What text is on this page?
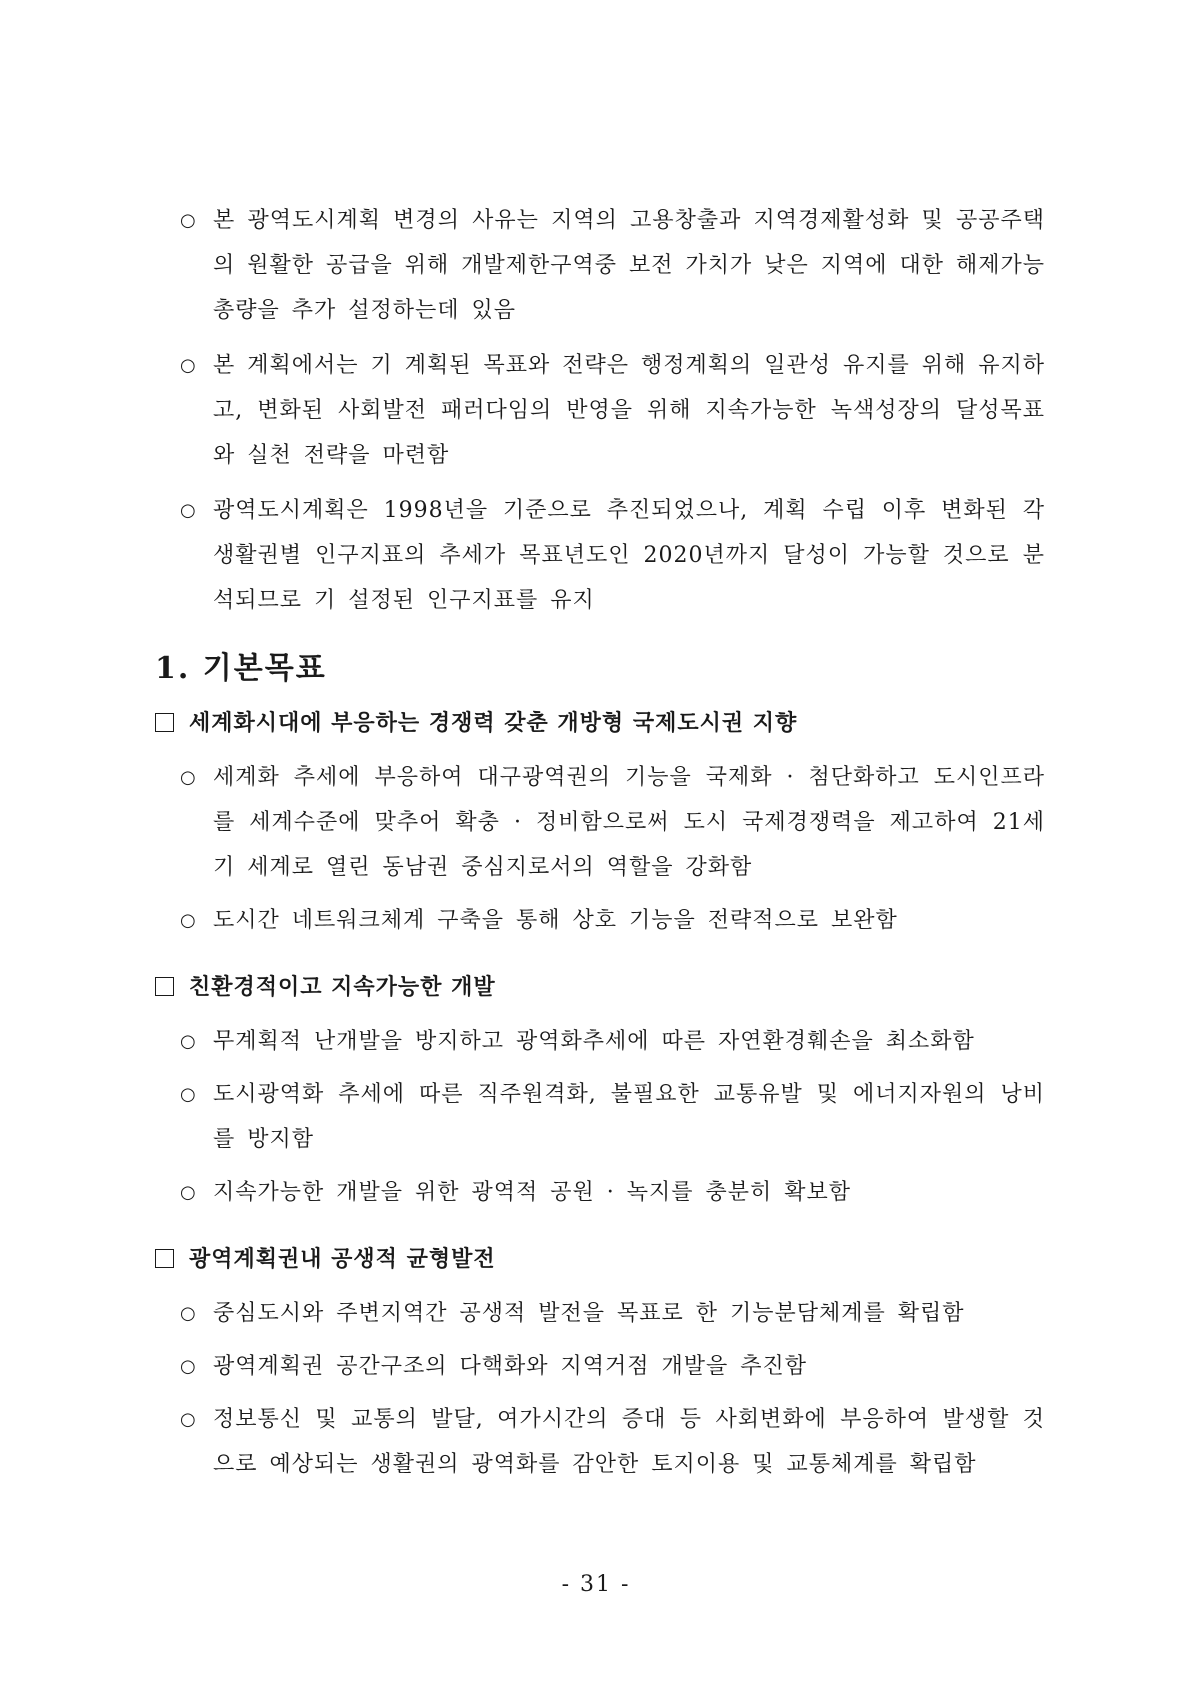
○ 본 광역도시계획 변경의 사유는 지역의 고용창출과 지역경제활성화 및 공공주택의 원활한 공급을 위해 개발제한구역중 보전 가치가 낮은 지역에 대한 해제가능총량을 추가 설정하는데 있음
○ 본 계획에서는 기 계획된 목표와 전략은 행정계획의 일관성 유지를 위해 유지하고, 변화된 사회발전 패러다임의 반영을 위해 지속가능한 녹색성장의 달성목표와 실천 전략을 마련함
○ 광역도시계획은 1998년을 기준으로 추진되었으나, 계획 수립 이후 변화된 각 생활권별 인구지표의 추세가 목표년도인 2020년까지 달성이 가능할 것으로 분석되므로 기 설정된 인구지표를 유지
1. 기본목표
세계화시대에 부응하는 경쟁력 갖춘 개방형 국제도시권 지향
○ 세계화 추세에 부응하여 대구광역권의 기능을 국제화 · 첨단화하고 도시인프라를 세계수준에 맞추어 확충 · 정비함으로써 도시 국제경쟁력을 제고하여 21세기 세계로 열린 동남권 중심지로서의 역할을 강화함
○ 도시간 네트워크체계 구축을 통해 상호 기능을 전략적으로 보완함
친환경적이고 지속가능한 개발
○ 무계획적 난개발을 방지하고 광역화추세에 따른 자연환경훼손을 최소화함
○ 도시광역화 추세에 따른 직주원격화, 불필요한 교통유발 및 에너지자원의 낭비를 방지함
○ 지속가능한 개발을 위한 광역적 공원 · 녹지를 충분히 확보함
광역계획권내 공생적 균형발전
○ 중심도시와 주변지역간 공생적 발전을 목표로 한 기능분담체계를 확립함
○ 광역계획권 공간구조의 다핵화와 지역거점 개발을 추진함
○ 정보통신 및 교통의 발달, 여가시간의 증대 등 사회변화에 부응하여 발생할 것으로 예상되는 생활권의 광역화를 감안한 토지이용 및 교통체계를 확립함
- 31 -
